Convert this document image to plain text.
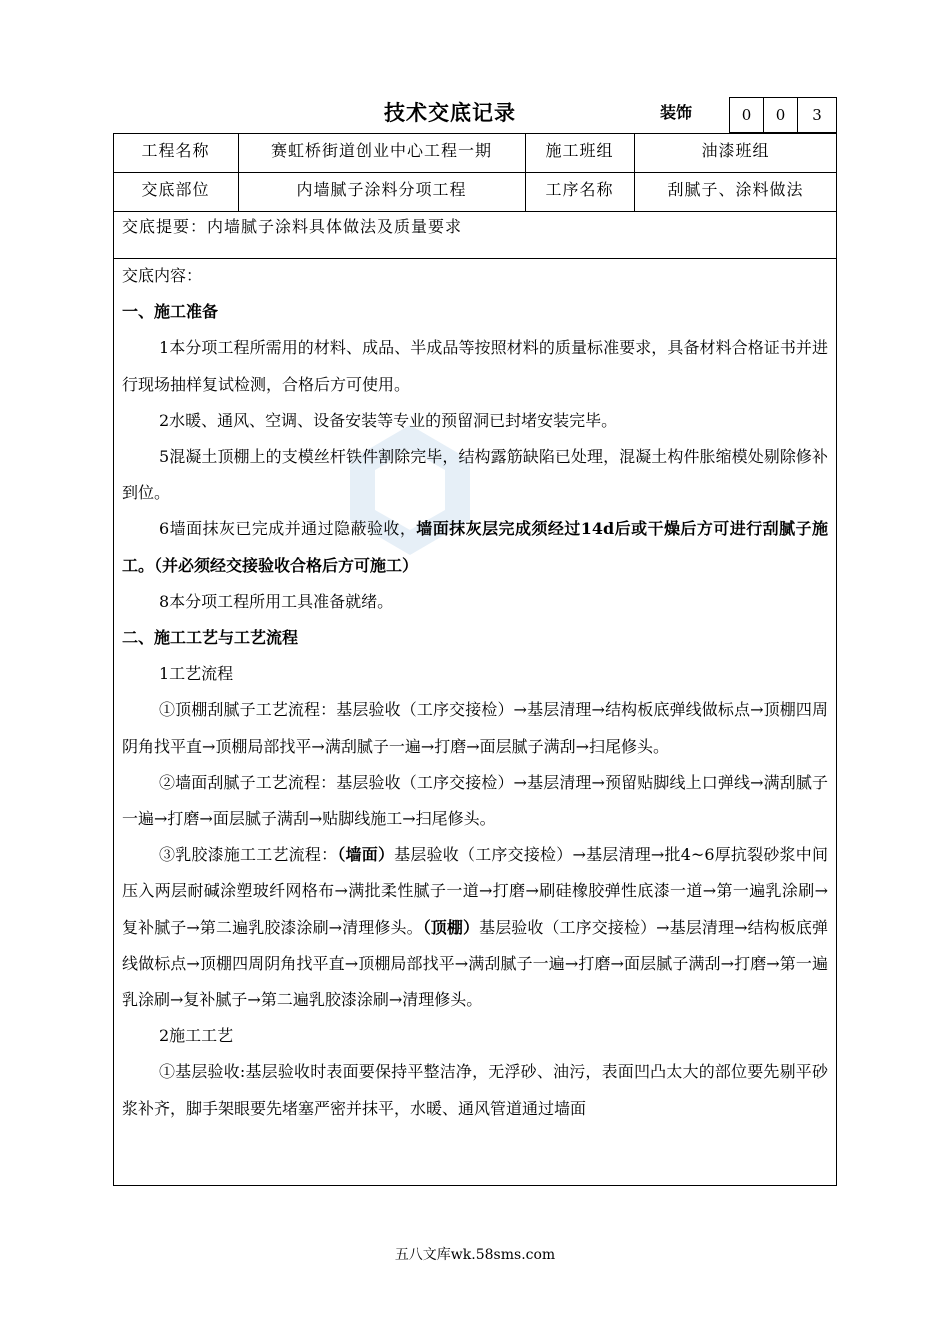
技术交底记录	装饰	0	0	3
工程名称	赛虹桥街道创业中心工程一期	施工班组	油漆班组
交底部位	内墙腻子涂料分项工程	工序名称	刮腻子、涂料做法
交底提要：内墙腻子涂料具体做法及质量要求

交底内容：

一、施工准备

1本分项工程所需用的材料、成品、半成品等按照材料的质量标准要求，具备材料合格证书并进行现场抽样复试检测，合格后方可使用。

2水暖、通风、空调、设备安装等专业的预留洞已封堵安装完毕。

5混凝土顶棚上的支模丝杆铁件割除完毕，结构露筋缺陷已处理，混凝土构件胀缩模处剔除修补到位。

6墙面抹灰已完成并通过隐蔽验收，墙面抹灰层完成须经过14d后或干燥后方可进行刮腻子施工。（并必须经交接验收合格后方可施工）

8本分项工程所用工具准备就绪。

二、施工工艺与工艺流程

1工艺流程

①顶棚刮腻子工艺流程：基层验收（工序交接检）→基层清理→结构板底弹线做标点→顶棚四周阴角找平直→顶棚局部找平→满刮腻子一遍→打磨→面层腻子满刮→扫尾修头。

②墙面刮腻子工艺流程：基层验收（工序交接检）→基层清理→预留贴脚线上口弹线→满刮腻子一遍→打磨→面层腻子满刮→贴脚线施工→扫尾修头。

③乳胶漆施工工艺流程：（墙面）基层验收（工序交接检）→基层清理→批4~6厚抗裂砂浆中间压入两层耐碱涂塑玻纤网格布→满批柔性腻子一道→打磨→刷硅橡胶弹性底漆一道→第一遍乳涂刷→复补腻子→第二遍乳胶漆涂刷→清理修头。（顶棚）基层验收（工序交接检）→基层清理→结构板底弹线做标点→顶棚四周阴角找平直→顶棚局部找平→满刮腻子一遍→打磨→面层腻子满刮→打磨→第一遍乳涂刷→复补腻子→第二遍乳胶漆涂刷→清理修头。

2施工工艺

①基层验收:基层验收时表面要保持平整洁净，无浮砂、油污，表面凹凸太大的部位要先剔平砂浆补齐，脚手架眼要先堵塞严密并抹平，水暖、通风管道通过墙面

五八文库wk.58sms.com
